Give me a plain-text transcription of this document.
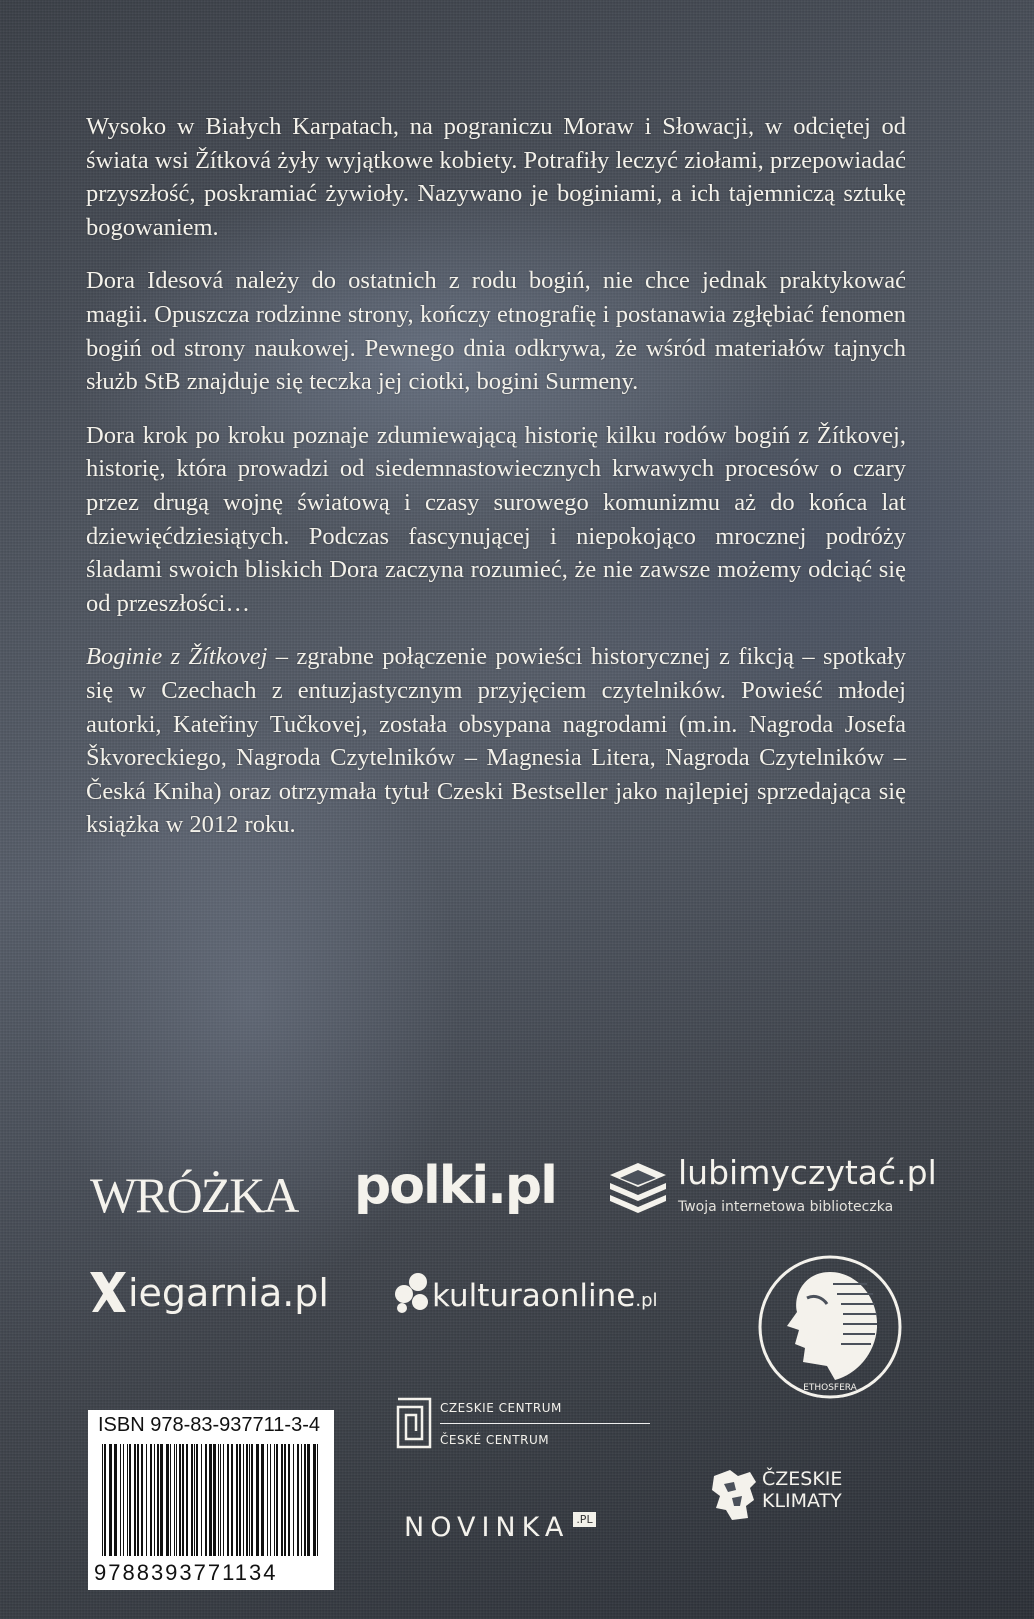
Wysoko w Białych Karpatach, na pograniczu Moraw i Słowacji, w odciętej od świata wsi Žítková żyły wyjątkowe kobiety. Potrafiły leczyć ziołami, przepowiadać przyszłość, poskramiać żywioły. Nazywano je boginiami, a ich tajemniczą sztukę bogowaniem.

Dora Idesová należy do ostatnich z rodu bogiń, nie chce jednak praktykować magii. Opuszcza rodzinne strony, kończy etnografię i postanawia zgłębiać fenomen bogiń od strony naukowej. Pewnego dnia odkrywa, że wśród materiałów tajnych służb StB znajduje się teczka jej ciotki, bogini Surmeny.

Dora krok po kroku poznaje zdumiewającą historię kilku rodów bogiń z Žítkovej, historię, która prowadzi od siedemnastowiecznych krwawych procesów o czary przez drugą wojnę światową i czasy surowego komunizmu aż do końca lat dziewięćdziesiątych. Podczas fascynującej i niepokojąco mrocznej podróży śladami swoich bliskich Dora zaczyna rozumieć, że nie zawsze możemy odciąć się od przeszłości…

Boginie z Žítkovej – zgrabne połączenie powieści historycznej z fikcją – spotkały się w Czechach z entuzjastycznym przyjęciem czytelników. Powieść młodej autorki, Kateřiny Tučkovej, została obsypana nagrodami (m.in. Nagroda Josefa Škvoreckiego, Nagroda Czytelników – Magnesia Litera, Nagroda Czytelników – Česká Kniha) oraz otrzymała tytuł Czeski Bestseller jako najlepiej sprzedająca się książka w 2012 roku.

WRÓŻKA polki.pl	lubimyczytać.pl
Twoja internetowa biblioteczka
iegarnia.pl	kulturaonline.pl
ETHOSFERA
ISBN 978-83-937711-3-4
9788393771134
CZESKIE CENTRUM
ČESKÉ CENTRUM
NOVINKA .PL
ČZESKIE
KLIMATY
